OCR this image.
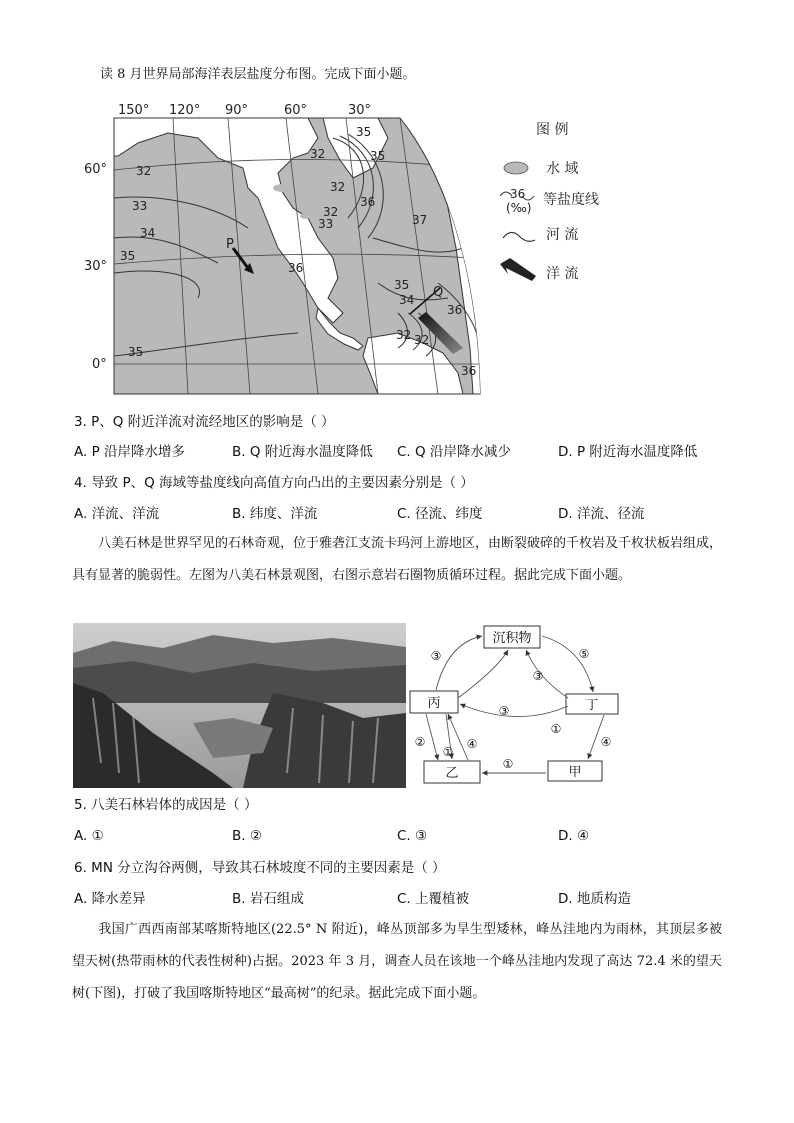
读 8 月世界局部海洋表层盐度分布图。完成下面小题。
150° 120° 90°	60°	30°
60°
30°
0°
35
32
35
32
33
34
35
32
32
33
36
37
36
35
34
36
32 32
36
35
P
Q
图 例
水 域
36
(‰) 等盐度线
河 流
洋 流
3. P、Q 附近洋流对流经地区的影响是（ ）
A. P 沿岸降水增多	B. Q 附近海水温度降低 C. Q 沿岸降水减少	D. P 附近海水温度降低
4. 导致 P、Q 海域等盐度线向高值方向凸出的主要因素分别是（ ）
A. 洋流、洋流	B. 纬度、洋流	C. 径流、纬度	D. 洋流、径流
八美石林是世界罕见的石林奇观，位于雅砻江支流卡玛河上游地区，由断裂破碎的千枚岩及千枚状板岩组成，具有显著的脆弱性。左图为八美石林景观图，右图示意岩石圈物质循环过程。据此完成下面小题。
沉积物
丙	丁
乙	甲
③	⑤
③
③
①
②
①
④	④
①
5. 八美石林岩体的成因是（ ）
A. ①	B. ②	C. ③	D. ④
6. MN 分立沟谷两侧，导致其石林坡度不同的主要因素是（ ）
A. 降水差异	B. 岩石组成	C. 上覆植被	D. 地质构造
我国广西西南部某喀斯特地区(22.5° N 附近)，峰丛顶部多为旱生型矮林，峰丛洼地内为雨林，其顶层多被望天树(热带雨林的代表性树种)占据。2023 年 3 月，调查人员在该地一个峰丛洼地内发现了高达 72.4 米的望天树(下图)，打破了我国喀斯特地区“最高树”的纪录。据此完成下面小题。
